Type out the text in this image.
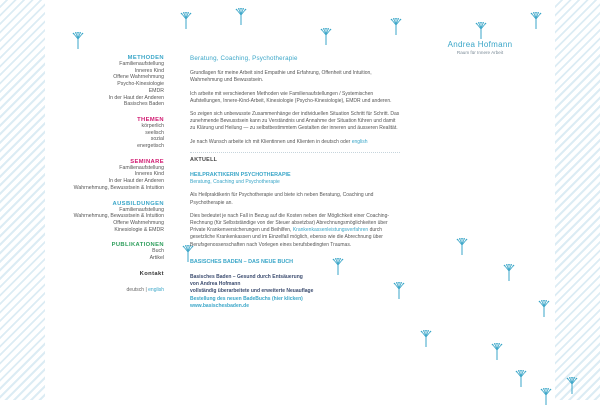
Andrea Hofmann
Raum für Innere Arbeit
METHODEN
Familienaufstellung
Inneres Kind
Offene Wahrnehmung
Psycho-Kinesiologie
EMDR
In der Haut der Anderen
Basisches Baden
THEMEN
körperlich
seelisch
sozial
energetisch
SEMINARE
Familienaufstellung
Inneres Kind
In der Haut der Anderen
Wahrnehmung, Bewusstsein & Intuition
AUSBILDUNGEN
Familienaufstellung
Wahrnehmung, Bewusstsein & Intuition
Offene Wahrnehmung
Kinesiologie & EMDR
PUBLIKATIONEN
Buch
Artikel
Kontakt
deutsch | english
Beratung, Coaching, Psychotherapie

Grundlagen für meine Arbeit sind Empathie und Erfahrung, Offenheit und Intuition, Wahrnehmung und Bewusstsein.

Ich arbeite mit verschiedenen Methoden wie Familienaufstellungen / Systemischen Aufstellungen, Innere-Kind-Arbeit, Kinesiologie (Psycho-Kinesiologie), EMDR und anderen.

So zeigen sich unbewusste Zusammenhänge der individuellen Situation Schritt für Schritt. Das zunehmende Bewusstsein kann zu Verständnis und Annahme der Situation führen und damit zu Klärung und Heilung — zu selbstbestimmtem Gestalten der inneren und äusseren Realität.

Je nach Wunsch arbeite ich mit Klientinnen und Klienten in deutsch oder english

AKTUELL
HEILPRAKTIKERIN PSYCHOTHERAPIE
Beratung, Coaching und Psychotherapie

Als Heilpraktikerin für Psychotherapie und biete ich neben Beratung, Coaching und Psychotherapie an.

Dies bedeutet je nach Fall in Bezug auf die Kosten neben der Möglichkeit einer Coaching-Rechnung (für Selbstständige von der Steuer absetzbar) Abrechnungsmöglichkeiten über Private Krankenversicherungen und Beihilfen, Krankenkassenleistungsverfahren durch gesetzliche Krankenkassen und im Einzelfall möglich, ebenso wie die Abrechnung über Berufsgenossenschaften nach Vorlegen eines berufsbedingten Traumas.

BASISCHES BADEN – DAS NEUE BUCH
Basisches Baden – Gesund durch Entsäuerung
von Andrea Hofmann
vollständig überarbeitete und erweiterte Neuauflage
Bestellung des neuen BadeBuchs (hier klicken)
www.basischesbaden.de
